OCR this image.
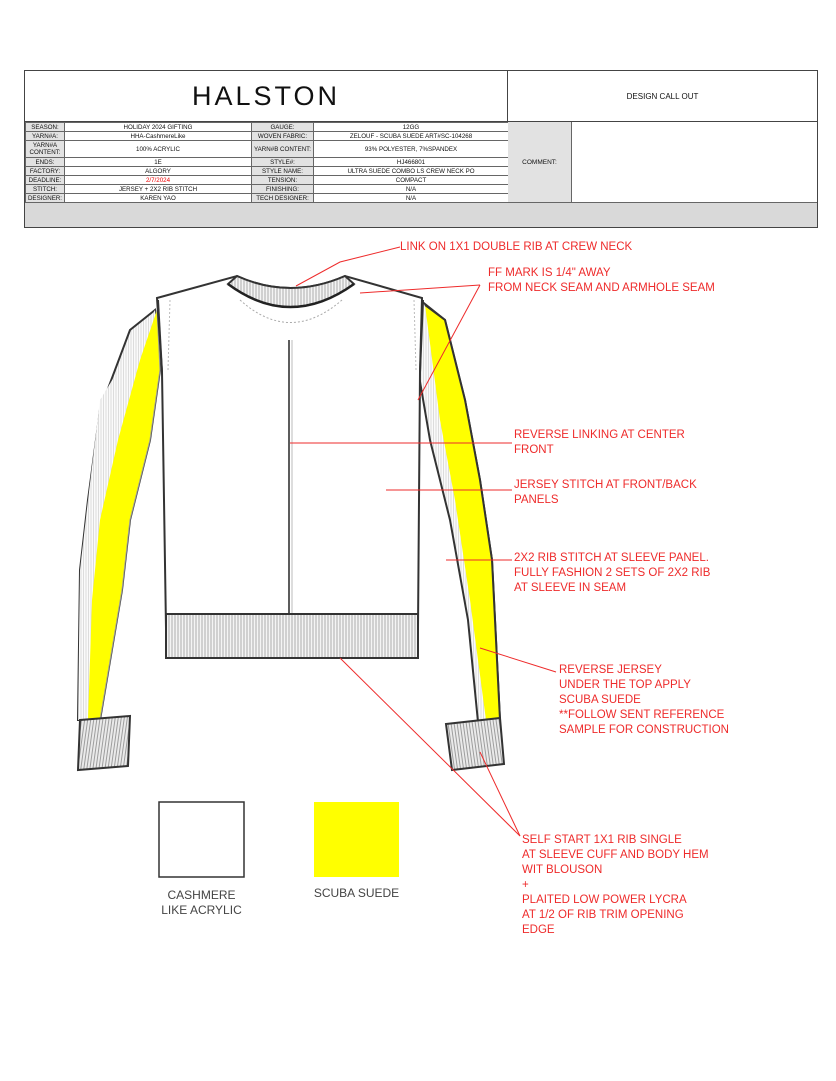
HALSTON	DESIGN CALL OUT
SEASON:	HOLIDAY 2024 GIFTING	GAUGE:	12GG
YARN#A:	HHA-CashmereLike	WOVEN FABRIC:	ZELOUF - SCUBA SUEDE ART#SC-104268
YARN#A CONTENT:	100% ACRYLIC	YARN#B CONTENT:	93% POLYESTER, 7%SPANDEX
ENDS:	1E	STYLE#:	HJ466801
FACTORY:	ALGORY	STYLE NAME:	ULTRA SUEDE COMBO LS CREW NECK PO
DEADLINE:	2/7/2024	TENSION:	COMPACT
STITCH:	JERSEY + 2X2 RIB STITCH	FINISHING:	N/A
DESIGNER:	KAREN YAO	TECH DESIGNER:	N/A
COMMENT:
LINK ON 1X1 DOUBLE RIB AT CREW NECK
FF MARK IS 1/4" AWAY
FROM NECK SEAM AND ARMHOLE SEAM
REVERSE LINKING AT CENTER
FRONT
JERSEY STITCH AT FRONT/BACK
PANELS
2X2 RIB STITCH AT SLEEVE PANEL.
FULLY FASHION 2 SETS OF 2X2 RIB
AT SLEEVE IN SEAM
REVERSE JERSEY
UNDER THE TOP APPLY
SCUBA SUEDE
**FOLLOW SENT REFERENCE
SAMPLE FOR CONSTRUCTION
SELF START 1X1 RIB SINGLE
AT SLEEVE CUFF AND BODY HEM
WIT BLOUSON
+
PLAITED LOW POWER LYCRA
AT 1/2 OF RIB TRIM OPENING
EDGE
CASHMERE
LIKE ACRYLIC
SCUBA SUEDE
